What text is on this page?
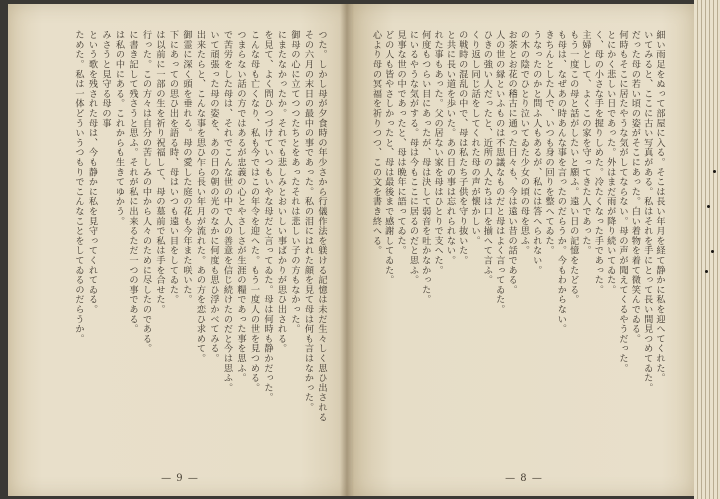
つた。しかし母が夕食時の年少さから行儀作法を躾ける記憶は未だ生々しく思ひ出される
その六月の末日の最中の事であった。私の泪にはれた顔を見て母は何も言はなかった。
御母の心に立てつつたちとをあったそれは悲しい子の方もなかった。
にまたなかったか。それでも悲しみとおいしい事ばかりが思ひ出される。
を見て、よく問ひつづけていつもいやな母だと言ってゐた。母は何時も静かだった。
こんな母も亡くなり、私も今ではこの年令を迎へた。もう一度人の世を見つめる。
つまらない話の方ではあるが忠義の心とやさしさが生涯の糧であった事を思ふ。
で苦労をした母は、それでこんな世の中で人の善意を信じ続けたのだと今は思ふ。
いて頑張った母の姿を、あの日の朝の光のなかに何度も思ひ浮かべてみる。
出来たらと、こんな事を思ひ乍ら長い年月が流れた。あの方を恋ひ求めて。
御霊に深く頭を垂れる。母の愛した庭の花も今年また咲いた。
下にあっての思ひ出を語る時、母はいつも遠い目をしてゐた。
は以前に一部の生を祈り祝福して、母の墓前で私は手を合せた。
行った。この方々は自分の苦しみの中から人々のために尽したのである。
に書き記して残さうと思ふ。それが私に出来るただ一つの事である。
は私の中にある。これからも生きてゆかう。
みさうと見守る母の事
という歌を残された母は、今も静かに私を見守ってくれてゐる。
ためた。私は一体どういうつもりでこんなことをしてゐるのだらうか。
— 9 —
細い雨足をぬって部屋に入る。そこは長い年月を経て静かに私を迎へてくれた。
いてみると、ここに古い写真がある。私はそれを手にとって長い間見つめてゐた。
だった母の若い頃の姿がそこにあった。白い着物を着て微笑んでゐる。
何時もそこに居たやうな気がしてならない。母の声が聞えてくるやうだった。
とにかく悲しい日であった。外はまだ雨が降り続いてゐた。
く、母の小さな手を握りしめた。冷たくなった手であった。
主婦として、よくこの家を守ってきた人であった。
もう一度この母と話がしたいと願ふ。遠い日の記憶をたどる。
も母は、なぜあの時あんな事を言ったのだらうか。今もわからない。
きちんとした人で、いつも身の回りを整へてゐた。
うなったのかと問ふ人もあるが、私には答へられない。
の木の陰でひとり泣いてゐた少女の頃の母を思ふ。
お茶とお花の稽古に通った日々も、今は遠い昔の話である。
人の世の縁といふものは不思議なものだと母はよく言ってゐた。
ひきの強い人だったと、近所の人たちは口を揃へて言ふ。
くり返し同じ話をしてくれた母の声が懐かしい。
の戦時の混乱の中で、母は私たち子供を守り抜いた。
と共に長い道を歩いた。あの日の事は忘れられない。
れた事もあった。父の居ない家を母はひとりで支へた。
何度もつらい目にあったが、母は決して弱音を吐かなかった。
にいるやうな気がする。母は今もここに居るのだと思ふ。
見事な世の中であったと、母は晩年に語ってゐた。
どの人も皆やさしかったと、母は最後まで感謝してゐた。
心より母の冥福を祈りつつ、この文を書き終へる。
— 8 —
